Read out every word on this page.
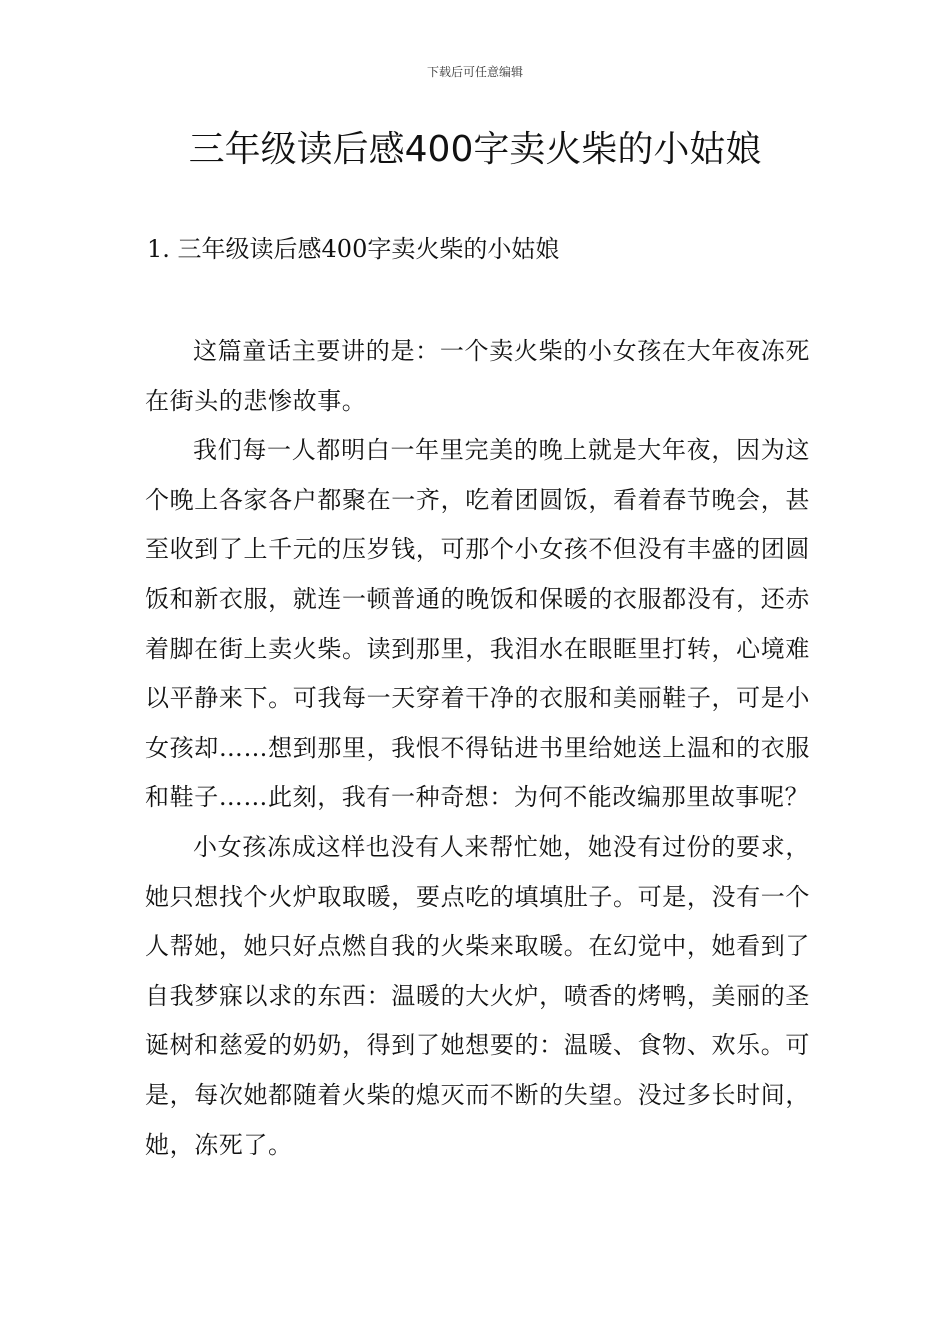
下载后可任意编辑
三年级读后感400字卖火柴的小姑娘
1. 三年级读后感400字卖火柴的小姑娘

这篇童话主要讲的是：一个卖火柴的小女孩在大年夜冻死在街头的悲惨故事。

我们每一人都明白一年里完美的晚上就是大年夜，因为这个晚上各家各户都聚在一齐，吃着团圆饭，看着春节晚会，甚至收到了上千元的压岁钱，可那个小女孩不但没有丰盛的团圆饭和新衣服，就连一顿普通的晚饭和保暖的衣服都没有，还赤着脚在街上卖火柴。读到那里，我泪水在眼眶里打转，心境难以平静来下。可我每一天穿着干净的衣服和美丽鞋子，可是小女孩却……想到那里，我恨不得钻进书里给她送上温和的衣服和鞋子……此刻，我有一种奇想：为何不能改编那里故事呢？

小女孩冻成这样也没有人来帮忙她，她没有过份的要求，她只想找个火炉取取暖，要点吃的填填肚子。可是，没有一个人帮她，她只好点燃自我的火柴来取暖。在幻觉中，她看到了自我梦寐以求的东西：温暖的大火炉，喷香的烤鸭，美丽的圣诞树和慈爱的奶奶，得到了她想要的：温暖、食物、欢乐。可是，每次她都随着火柴的熄灭而不断的失望。没过多长时间，她，冻死了。
